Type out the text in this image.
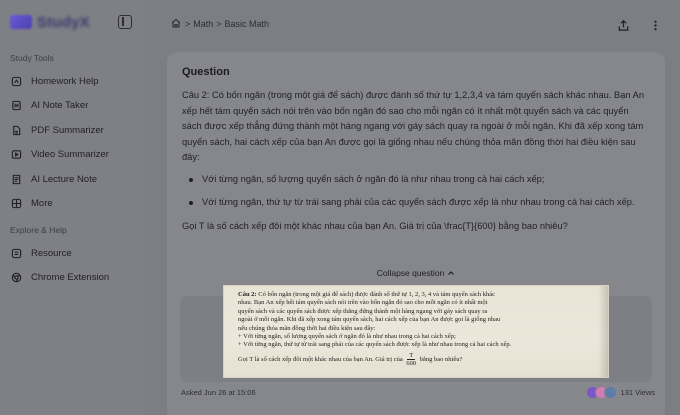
StudyX
Study Tools
Homework Help
AI Note Taker
PDF Summarizer
Video Summarizer
AI Lecture Note
More
Explore & Help
Resource
Chrome Extension
> Math > Basic Math
Question

Câu 2: Có bốn ngăn (trong một giá để sách) được đánh số thứ tự 1,2,3,4 và tám quyển sách khác nhau. Bạn An xếp hết tám quyển sách nói trên vào bốn ngăn đó sao cho mỗi ngăn có ít nhất một quyển sách và các quyển sách được xếp thẳng đứng thành một hàng ngang với gáy sách quay ra ngoài ở mỗi ngăn. Khi đã xếp xong tám quyển sách, hai cách xếp của bạn An được gọi là giống nhau nếu chúng thỏa mãn đồng thời hai điều kiện sau đây:

Với từng ngăn, số lượng quyển sách ở ngăn đó là như nhau trong cả hai cách xếp;
Với từng ngăn, thứ tự từ trái sang phải của các quyển sách được xếp là như nhau trong cả hai cách xếp.

Gọi T là số cách xếp đôi một khác nhau của bạn An. Giá trị của \frac{T}{600} bằng bao nhiêu?

Collapse question

Câu 2: Có bốn ngăn (trong một giá để sách) được đánh số thứ tự 1, 2, 3, 4 và tám quyển sách khác

nhau. Bạn An xếp hết tám quyển sách nói trên vào bốn ngăn đó sao cho mỗi ngăn có ít nhất một

quyển sách và các quyển sách được xếp thẳng đứng thành một hàng ngang với gáy sách quay ra

ngoài ở mỗi ngăn. Khi đã xếp xong tám quyển sách, hai cách xếp của bạn An được gọi là giống nhau

nếu chúng thỏa mãn đồng thời hai điều kiện sau đây:

+ Với từng ngăn, số lượng quyển sách ở ngăn đó là như nhau trong cả hai cách xếp;

+ Với từng ngăn, thứ tự từ trái sang phải của các quyển sách được xếp là như nhau trong cả hai cách xếp.

Gọi T là số cách xếp đôi một khác nhau của bạn An. Giá trị của $\frac{T}{600}$ bằng bao nhiêu?

Asked Jun 26 at 15:06	131 Views
